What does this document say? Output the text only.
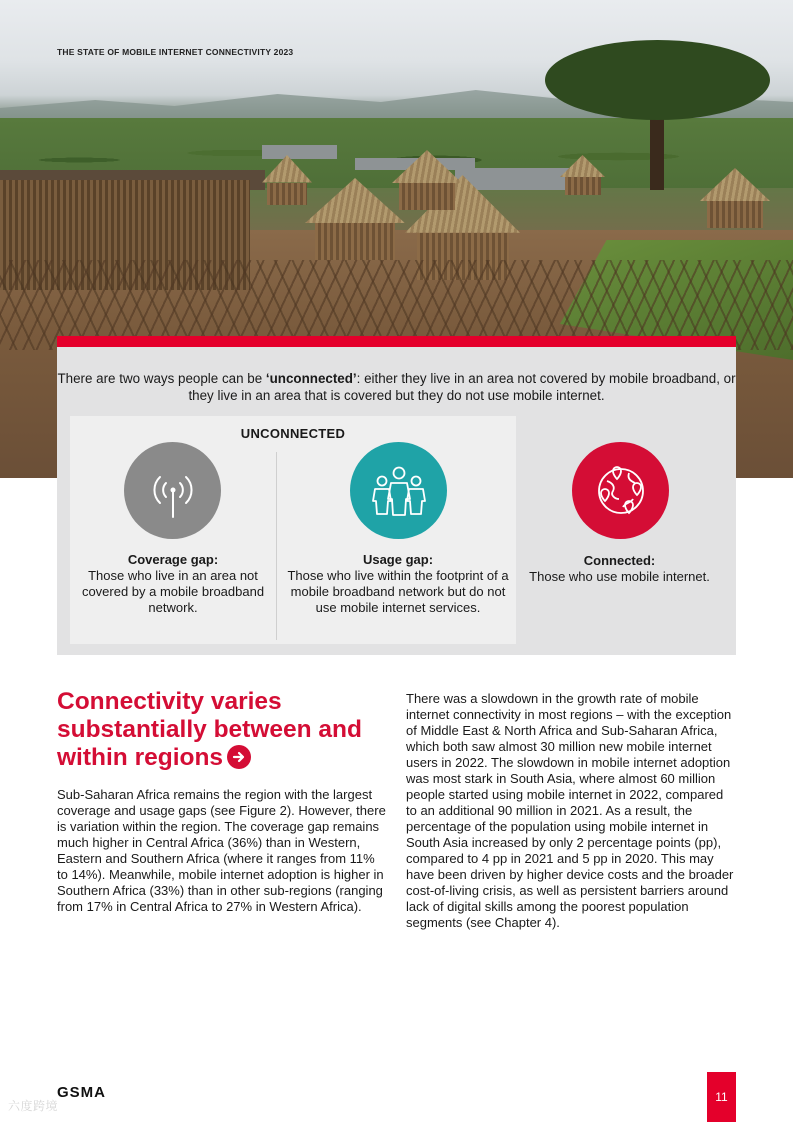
THE STATE OF MOBILE INTERNET CONNECTIVITY 2023
There are two ways people can be ‘unconnected’: either they live in an area not covered by mobile broadband, or they live in an area that is covered but they do not use mobile internet.
UNCONNECTED
Coverage gap:
Those who live in an area not covered by a mobile broadband network.
Usage gap:
Those who live within the footprint of a mobile broadband network but do not use mobile internet services.
Connected:
Those who use mobile internet.
Connectivity varies substantially between and within regions
Sub-Saharan Africa remains the region with the largest coverage and usage gaps (see Figure 2). However, there is variation within the region. The coverage gap remains much higher in Central Africa (36%) than in Western, Eastern and Southern Africa (where it ranges from 11% to 14%). Meanwhile, mobile internet adoption is higher in Southern Africa (33%) than in other sub-regions (ranging from 17% in Central Africa to 27% in Western Africa).
There was a slowdown in the growth rate of mobile internet connectivity in most regions – with the exception of Middle East & North Africa and Sub-Saharan Africa, which both saw almost 30 million new mobile internet users in 2022. The slowdown in mobile internet adoption was most stark in South Asia, where almost 60 million people started using mobile internet in 2022, compared to an additional 90 million in 2021. As a result, the percentage of the population using mobile internet in South Asia increased by only 2 percentage points (pp), compared to 4 pp in 2021 and 5 pp in 2020. This may have been driven by higher device costs and the broader cost-of-living crisis, as well as persistent barriers around lack of digital skills among the poorest population segments (see Chapter 4).
GSMA
六度跨境
11
